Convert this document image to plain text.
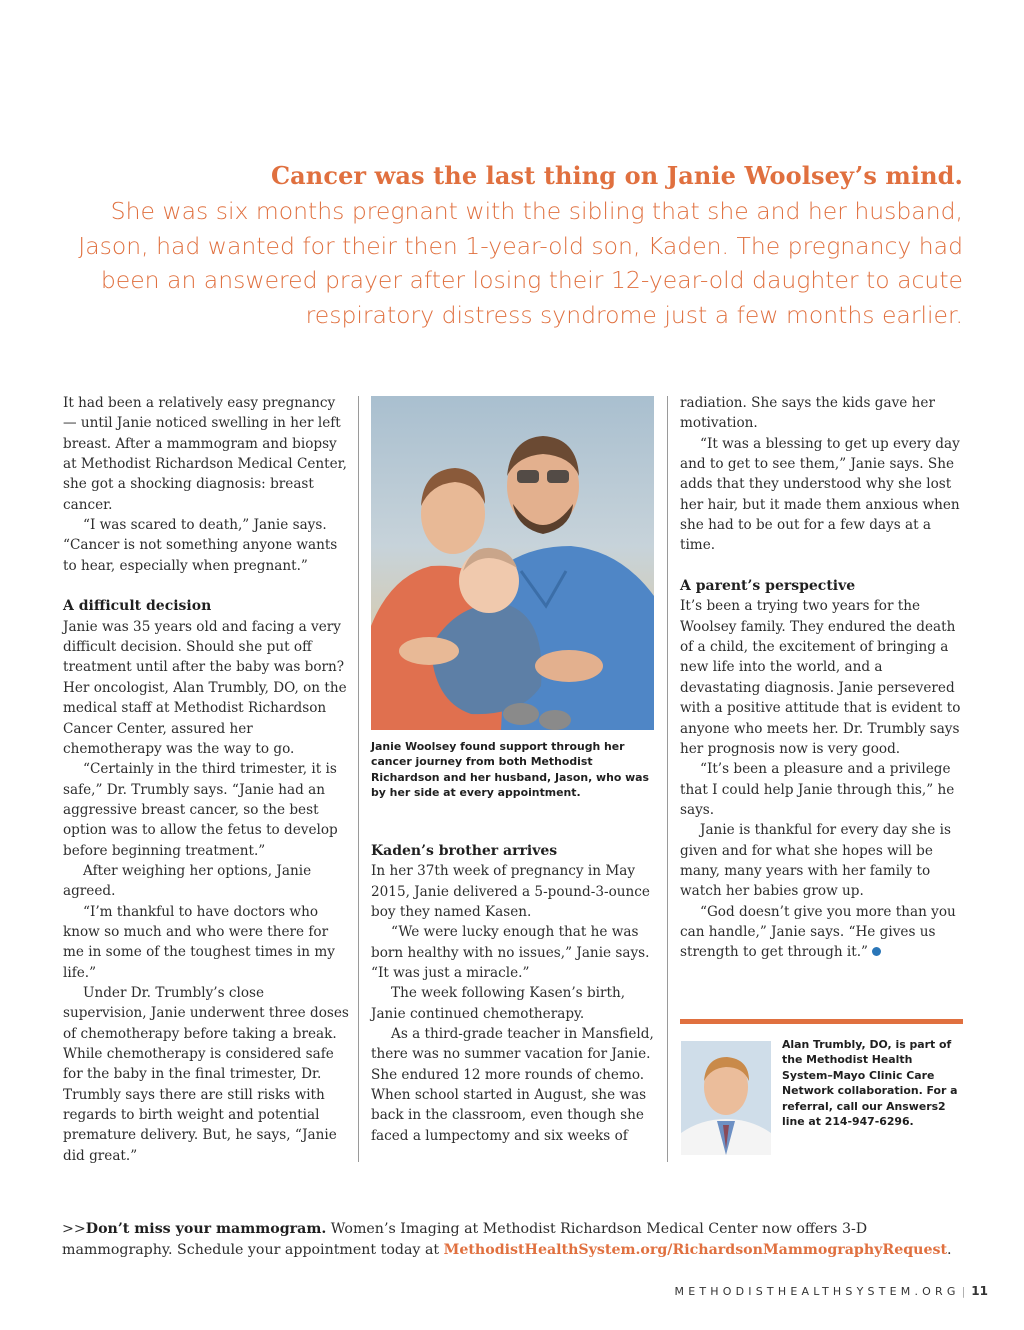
Cancer was the last thing on Janie Woolsey’s mind.

She was six months pregnant with the sibling that she and her husband, Jason, had wanted for their then 1-year-old son, Kaden. The pregnancy had been an answered prayer after losing their 12-year-old daughter to acute respiratory distress syndrome just a few months earlier.

It had been a relatively easy pregnancy — until Janie noticed swelling in her left breast. After a mammogram and biopsy at Methodist Richardson Medical Center, she got a shocking diagnosis: breast cancer.

“I was scared to death,” Janie says. “Cancer is not something anyone wants to hear, especially when pregnant.”

A difficult decision

Janie was 35 years old and facing a very difficult decision. Should she put off treatment until after the baby was born? Her oncologist, Alan Trumbly, DO, on the medical staff at Methodist Richardson Cancer Center, assured her chemotherapy was the way to go.

“Certainly in the third trimester, it is safe,” Dr. Trumbly says. “Janie had an aggressive breast cancer, so the best option was to allow the fetus to develop before beginning treatment.”

After weighing her options, Janie agreed.

“I’m thankful to have doctors who know so much and who were there for me in some of the toughest times in my life.”

Under Dr. Trumbly’s close supervision, Janie underwent three doses of chemotherapy before taking a break. While chemotherapy is considered safe for the baby in the final trimester, Dr. Trumbly says there are still risks with regards to birth weight and potential premature delivery. But, he says, “Janie did great.”

Janie Woolsey found support through her cancer journey from both Methodist Richardson and her husband, Jason, who was by her side at every appointment.

Kaden’s brother arrives

In her 37th week of pregnancy in May 2015, Janie delivered a 5-pound-3-ounce boy they named Kasen.

“We were lucky enough that he was born healthy with no issues,” Janie says. “It was just a miracle.”

The week following Kasen’s birth, Janie continued chemotherapy.

As a third-grade teacher in Mansfield, there was no summer vacation for Janie. She endured 12 more rounds of chemo. When school started in August, she was back in the classroom, even though she faced a lumpectomy and six weeks of

radiation. She says the kids gave her motivation.

“It was a blessing to get up every day and to get to see them,” Janie says. She adds that they understood why she lost her hair, but it made them anxious when she had to be out for a few days at a time.

A parent’s perspective

It’s been a trying two years for the Woolsey family. They endured the death of a child, the excitement of bringing a new life into the world, and a devastating diagnosis. Janie persevered with a positive attitude that is evident to anyone who meets her. Dr. Trumbly says her prognosis now is very good.

“It’s been a pleasure and a privilege that I could help Janie through this,” he says.

Janie is thankful for every day she is given and for what she hopes will be many, many years with her family to watch her babies grow up.

“God doesn’t give you more than you can handle,” Janie says. “He gives us strength to get through it.”

Alan Trumbly, DO, is part of the Methodist Health System–Mayo Clinic Care Network collaboration. For a referral, call our Answers2 line at 214-947-6296.

>>Don’t miss your mammogram. Women’s Imaging at Methodist Richardson Medical Center now offers 3-D mammography. Schedule your appointment today at MethodistHealthSystem.org/RichardsonMammographyRequest.

METHODISTHEALTHSYSTEM.ORG | 11
